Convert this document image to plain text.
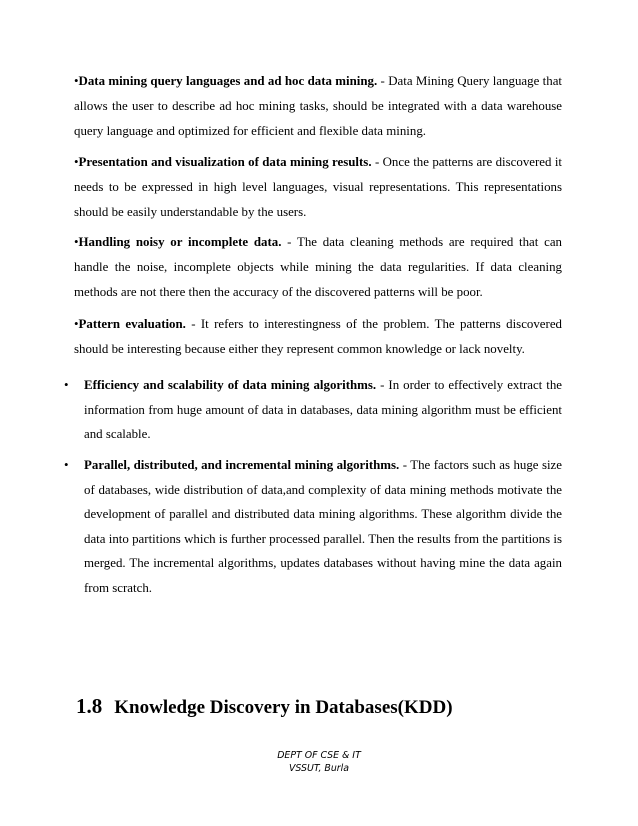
•Data mining query languages and ad hoc data mining. - Data Mining Query language that allows the user to describe ad hoc mining tasks, should be integrated with a data warehouse query language and optimized for efficient and flexible data mining.

•Presentation and visualization of data mining results. - Once the patterns are discovered it needs to be expressed in high level languages, visual representations. This representations should be easily understandable by the users.

•Handling noisy or incomplete data. - The data cleaning methods are required that can handle the noise, incomplete objects while mining the data regularities. If data cleaning methods are not there then the accuracy of the discovered patterns will be poor.

•Pattern evaluation. - It refers to interestingness of the problem. The patterns discovered should be interesting because either they represent common knowledge or lack novelty.

• Efficiency and scalability of data mining algorithms. - In order to effectively extract the information from huge amount of data in databases, data mining algorithm must be efficient and scalable.

• Parallel, distributed, and incremental mining algorithms. - The factors such as huge size of databases, wide distribution of data,and complexity of data mining methods motivate the development of parallel and distributed data mining algorithms. These algorithm divide the data into partitions which is further processed parallel. Then the results from the partitions is merged. The incremental algorithms, updates databases without having mine the data again from scratch.

1.8 Knowledge Discovery in Databases(KDD)
DEPT OF CSE & IT
VSSUT, Burla
